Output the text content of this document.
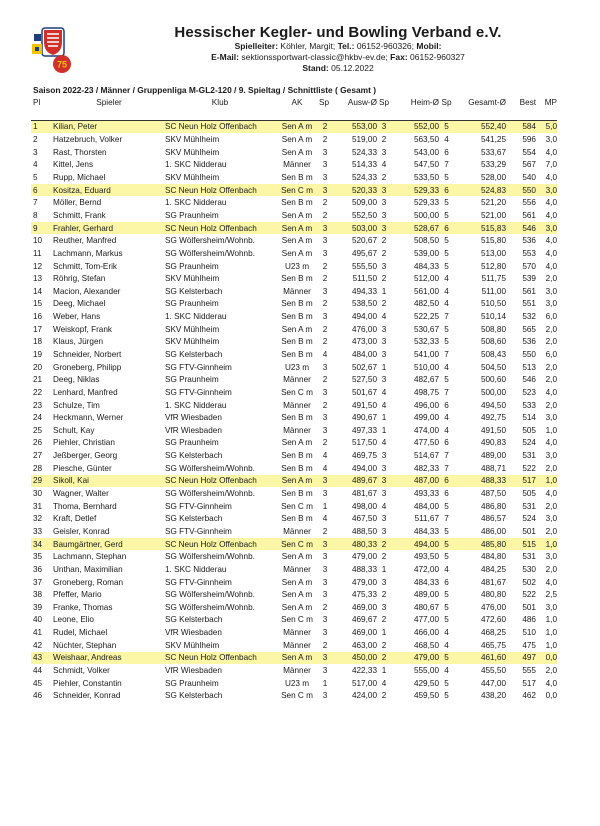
75
Hessischer Kegler- und Bowling Verband e.V.
Spielleiter: Köhler, Margit; Tel.: 06152-960326; Mobil:
E-Mail: sektionssportwart-classic@hkbv-ev.de; Fax: 06152-960327
Stand: 05.12.2022
Saison 2022-23 / Männer / Gruppenliga M-GL2-120 / 9. Spieltag / Schnittliste ( Gesamt )
Pl	Spieler	Klub	AK	Sp	Ausw-Ø	Sp	Heim-Ø	Sp	Gesamt-Ø	Best	MP

1	Kilian, Peter	SC Neun Holz Offenbach	Sen A m	2	553,00	3	552,00	5	552,40	584	5,0
2	Hatzebruch, Volker	SKV Mühlheim	Sen A m	2	519,00	2	563,50	4	541,25	596	3,0
3	Rast, Thorsten	SKV Mühlheim	Sen A m	3	524,33	3	543,00	6	533,67	554	4,0
4	Kittel, Jens	1. SKC Nidderau	Männer	3	514,33	4	547,50	7	533,29	567	7,0
5	Rupp, Michael	SKV Mühlheim	Sen B m	3	524,33	2	533,50	5	528,00	540	4,0
6	Kositza, Eduard	SC Neun Holz Offenbach	Sen C m	3	520,33	3	529,33	6	524,83	550	3,0
7	Möller, Bernd	1. SKC Nidderau	Sen B m	2	509,00	3	529,33	5	521,20	556	4,0
8	Schmitt, Frank	SG Praunheim	Sen A m	2	552,50	3	500,00	5	521,00	561	4,0
9	Frahler, Gerhard	SC Neun Holz Offenbach	Sen A m	3	503,00	3	528,67	6	515,83	546	3,0
10	Reuther, Manfred	SG Wölfersheim/Wohnb.	Sen A m	3	520,67	2	508,50	5	515,80	536	4,0
11	Lachmann, Markus	SG Wölfersheim/Wohnb.	Sen A m	3	495,67	2	539,00	5	513,00	553	4,0
12	Schmitt, Tom-Erik	SG Praunheim	U23 m	2	555,50	3	484,33	5	512,80	570	4,0
13	Röhrig, Stefan	SKV Mühlheim	Sen B m	2	511,50	2	512,00	4	511,75	539	2,0
14	Macion, Alexander	SG Kelsterbach	Männer	3	494,33	1	561,00	4	511,00	561	3,0
15	Deeg, Michael	SG Praunheim	Sen B m	2	538,50	2	482,50	4	510,50	551	3,0
16	Weber, Hans	1. SKC Nidderau	Sen B m	3	494,00	4	522,25	7	510,14	532	6,0
17	Weiskopf, Frank	SKV Mühlheim	Sen A m	2	476,00	3	530,67	5	508,80	565	2,0
18	Klaus, Jürgen	SKV Mühlheim	Sen B m	2	473,00	3	532,33	5	508,60	536	2,0
19	Schneider, Norbert	SG Kelsterbach	Sen B m	4	484,00	3	541,00	7	508,43	550	6,0
20	Groneberg, Philipp	SG FTV-Ginnheim	U23 m	3	502,67	1	510,00	4	504,50	513	2,0
21	Deeg, Niklas	SG Praunheim	Männer	2	527,50	3	482,67	5	500,60	546	2,0
22	Lenhard, Manfred	SG FTV-Ginnheim	Sen C m	3	501,67	4	498,75	7	500,00	523	4,0
23	Schulze, Tim	1. SKC Nidderau	Männer	2	491,50	4	496,00	6	494,50	533	2,0
24	Heckmann, Werner	VfR Wiesbaden	Sen B m	3	490,67	1	499,00	4	492,75	514	3,0
25	Schult, Kay	VfR Wiesbaden	Männer	3	497,33	1	474,00	4	491,50	505	1,0
26	Piehler, Christian	SG Praunheim	Sen A m	2	517,50	4	477,50	6	490,83	524	4,0
27	Jeßberger, Georg	SG Kelsterbach	Sen B m	4	469,75	3	514,67	7	489,00	531	3,0
28	Piesche, Günter	SG Wölfersheim/Wohnb.	Sen B m	4	494,00	3	482,33	7	488,71	522	2,0
29	Sikoll, Kai	SC Neun Holz Offenbach	Sen A m	3	489,67	3	487,00	6	488,33	517	1,0
30	Wagner, Walter	SG Wölfersheim/Wohnb.	Sen B m	3	481,67	3	493,33	6	487,50	505	4,0
31	Thoma, Bernhard	SG FTV-Ginnheim	Sen C m	1	498,00	4	484,00	5	486,80	531	2,0
32	Kraft, Detlef	SG Kelsterbach	Sen B m	4	467,50	3	511,67	7	486,57	524	3,0
33	Geisler, Konrad	SG FTV-Ginnheim	Männer	2	488,50	3	484,33	5	486,00	501	2,0
34	Baumgärtner, Gerd	SC Neun Holz Offenbach	Sen C m	3	480,33	2	494,00	5	485,80	515	1,0
35	Lachmann, Stephan	SG Wölfersheim/Wohnb.	Sen A m	3	479,00	2	493,50	5	484,80	531	3,0
36	Unthan, Maximilian	1. SKC Nidderau	Männer	3	488,33	1	472,00	4	484,25	530	2,0
37	Groneberg, Roman	SG FTV-Ginnheim	Sen A m	3	479,00	3	484,33	6	481,67	502	4,0
38	Pfeffer, Mario	SG Wölfersheim/Wohnb.	Sen A m	3	475,33	2	489,00	5	480,80	522	2,5
39	Franke, Thomas	SG Wölfersheim/Wohnb.	Sen A m	2	469,00	3	480,67	5	476,00	501	3,0
40	Leone, Elio	SG Kelsterbach	Sen C m	3	469,67	2	477,00	5	472,60	486	1,0
41	Rudel, Michael	VfR Wiesbaden	Männer	3	469,00	1	466,00	4	468,25	510	1,0
42	Nüchter, Stephan	SKV Mühlheim	Männer	2	463,00	2	468,50	4	465,75	475	1,0
43	Weishaar, Andreas	SC Neun Holz Offenbach	Sen A m	3	450,00	2	479,00	5	461,60	497	0,0
44	Schmidt, Volker	VfR Wiesbaden	Männer	3	422,33	1	555,00	4	455,50	555	2,0
45	Piehler, Constantin	SG Praunheim	U23 m	1	517,00	4	429,50	5	447,00	517	4,0
46	Schneider, Konrad	SG Kelsterbach	Sen C m	3	424,00	2	459,50	5	438,20	462	0,0
